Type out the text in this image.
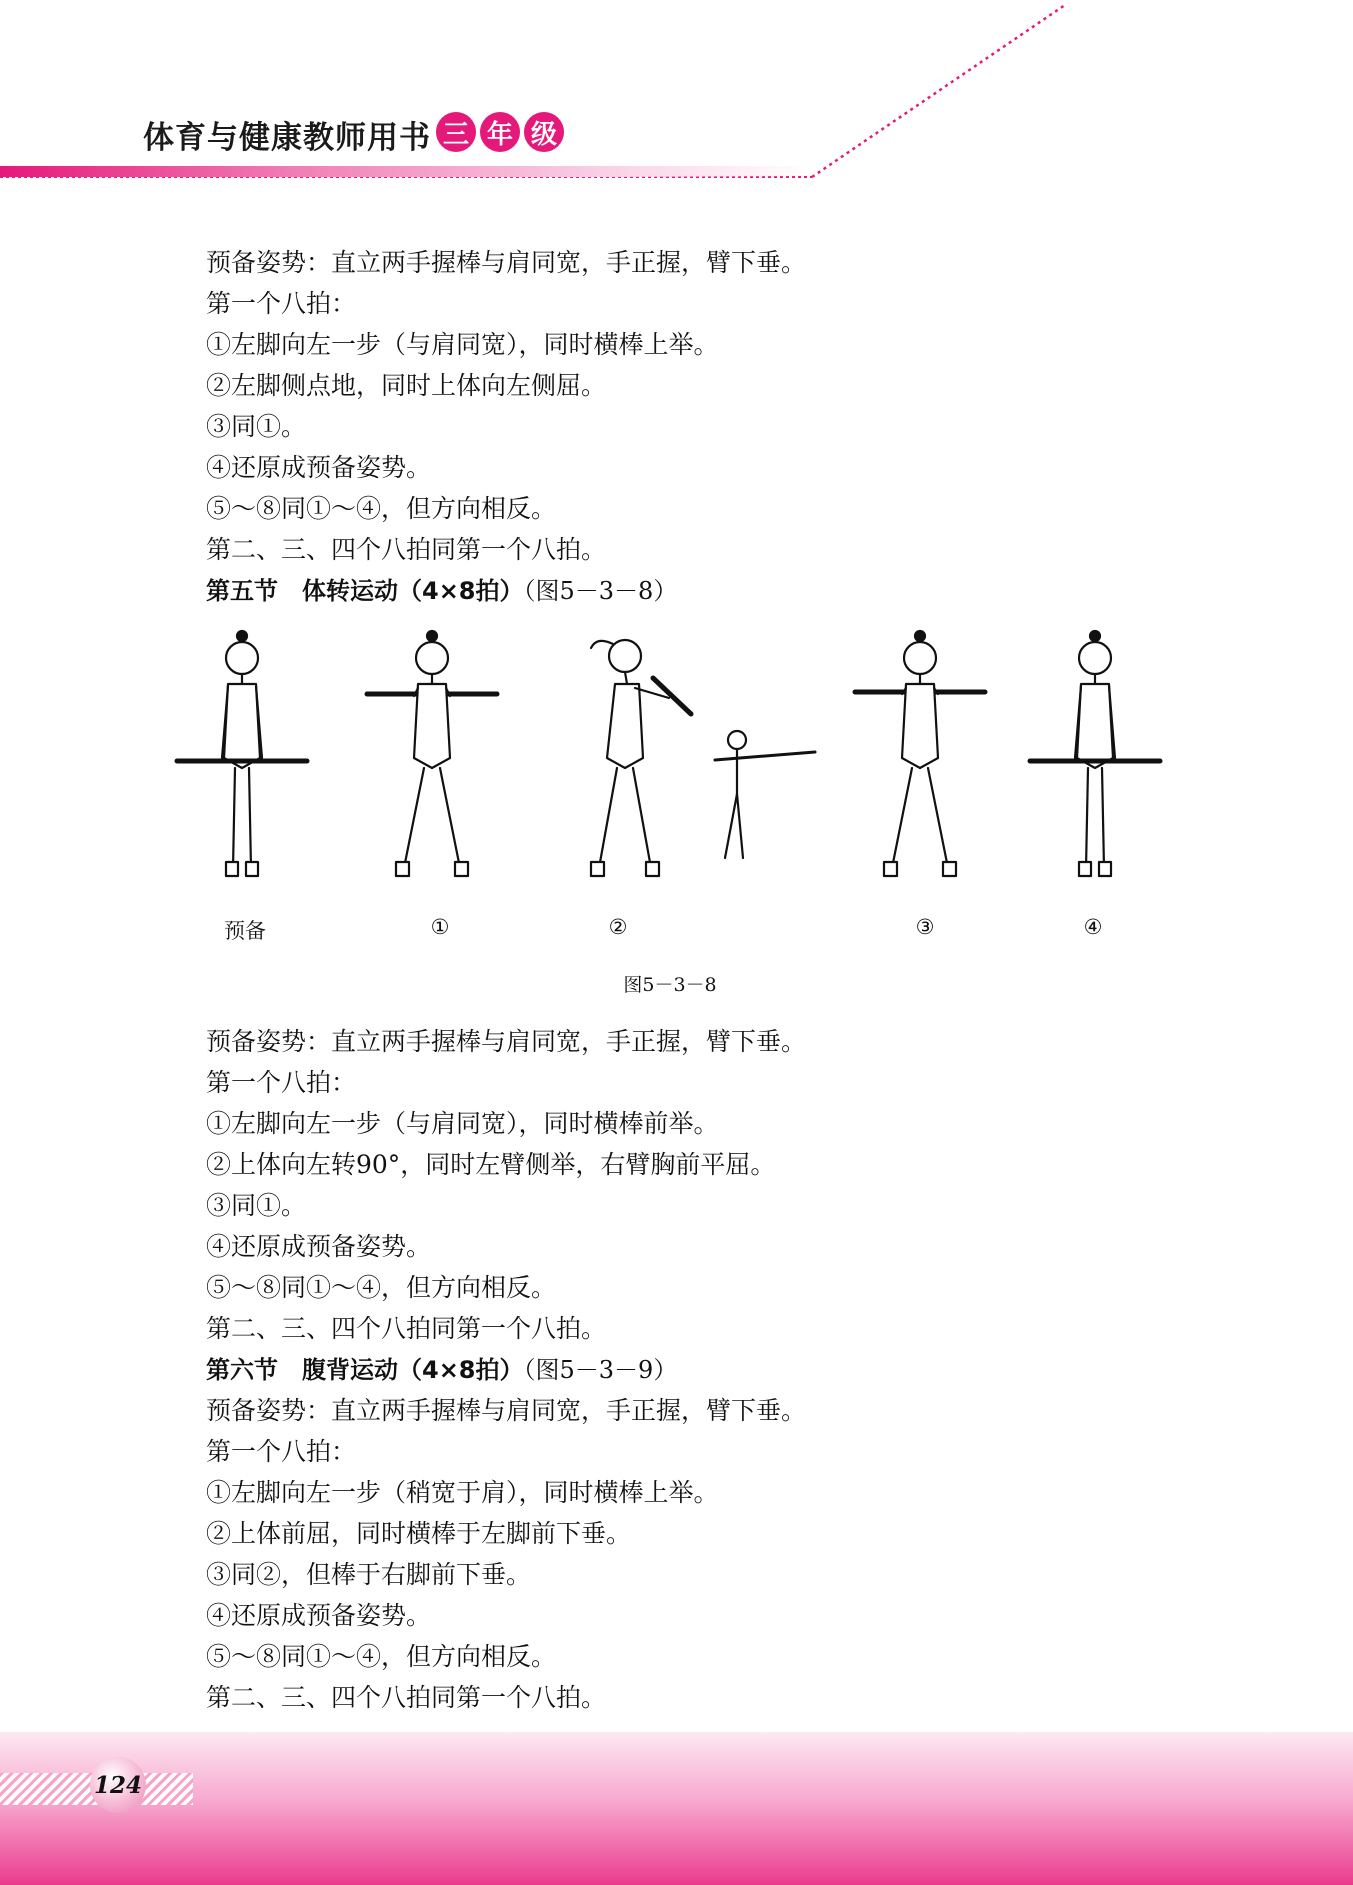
体育与健康教师用书 三 年 级
预备姿势：直立两手握棒与肩同宽，手正握，臂下垂。
第一个八拍：
①左脚向左一步（与肩同宽），同时横棒上举。
②左脚侧点地，同时上体向左侧屈。
③同①。
④还原成预备姿势。
⑤～⑧同①～④，但方向相反。
第二、三、四个八拍同第一个八拍。
第五节　体转运动（4×8拍）（图5－3－8）
预备	①	②	③	④
图5－3－8
预备姿势：直立两手握棒与肩同宽，手正握，臂下垂。
第一个八拍：
①左脚向左一步（与肩同宽），同时横棒前举。
②上体向左转90°，同时左臂侧举，右臂胸前平屈。
③同①。
④还原成预备姿势。
⑤～⑧同①～④，但方向相反。
第二、三、四个八拍同第一个八拍。
第六节　腹背运动（4×8拍）（图5－3－9）
预备姿势：直立两手握棒与肩同宽，手正握，臂下垂。
第一个八拍：
①左脚向左一步（稍宽于肩），同时横棒上举。
②上体前屈，同时横棒于左脚前下垂。
③同②，但棒于右脚前下垂。
④还原成预备姿势。
⑤～⑧同①～④，但方向相反。
第二、三、四个八拍同第一个八拍。
124
